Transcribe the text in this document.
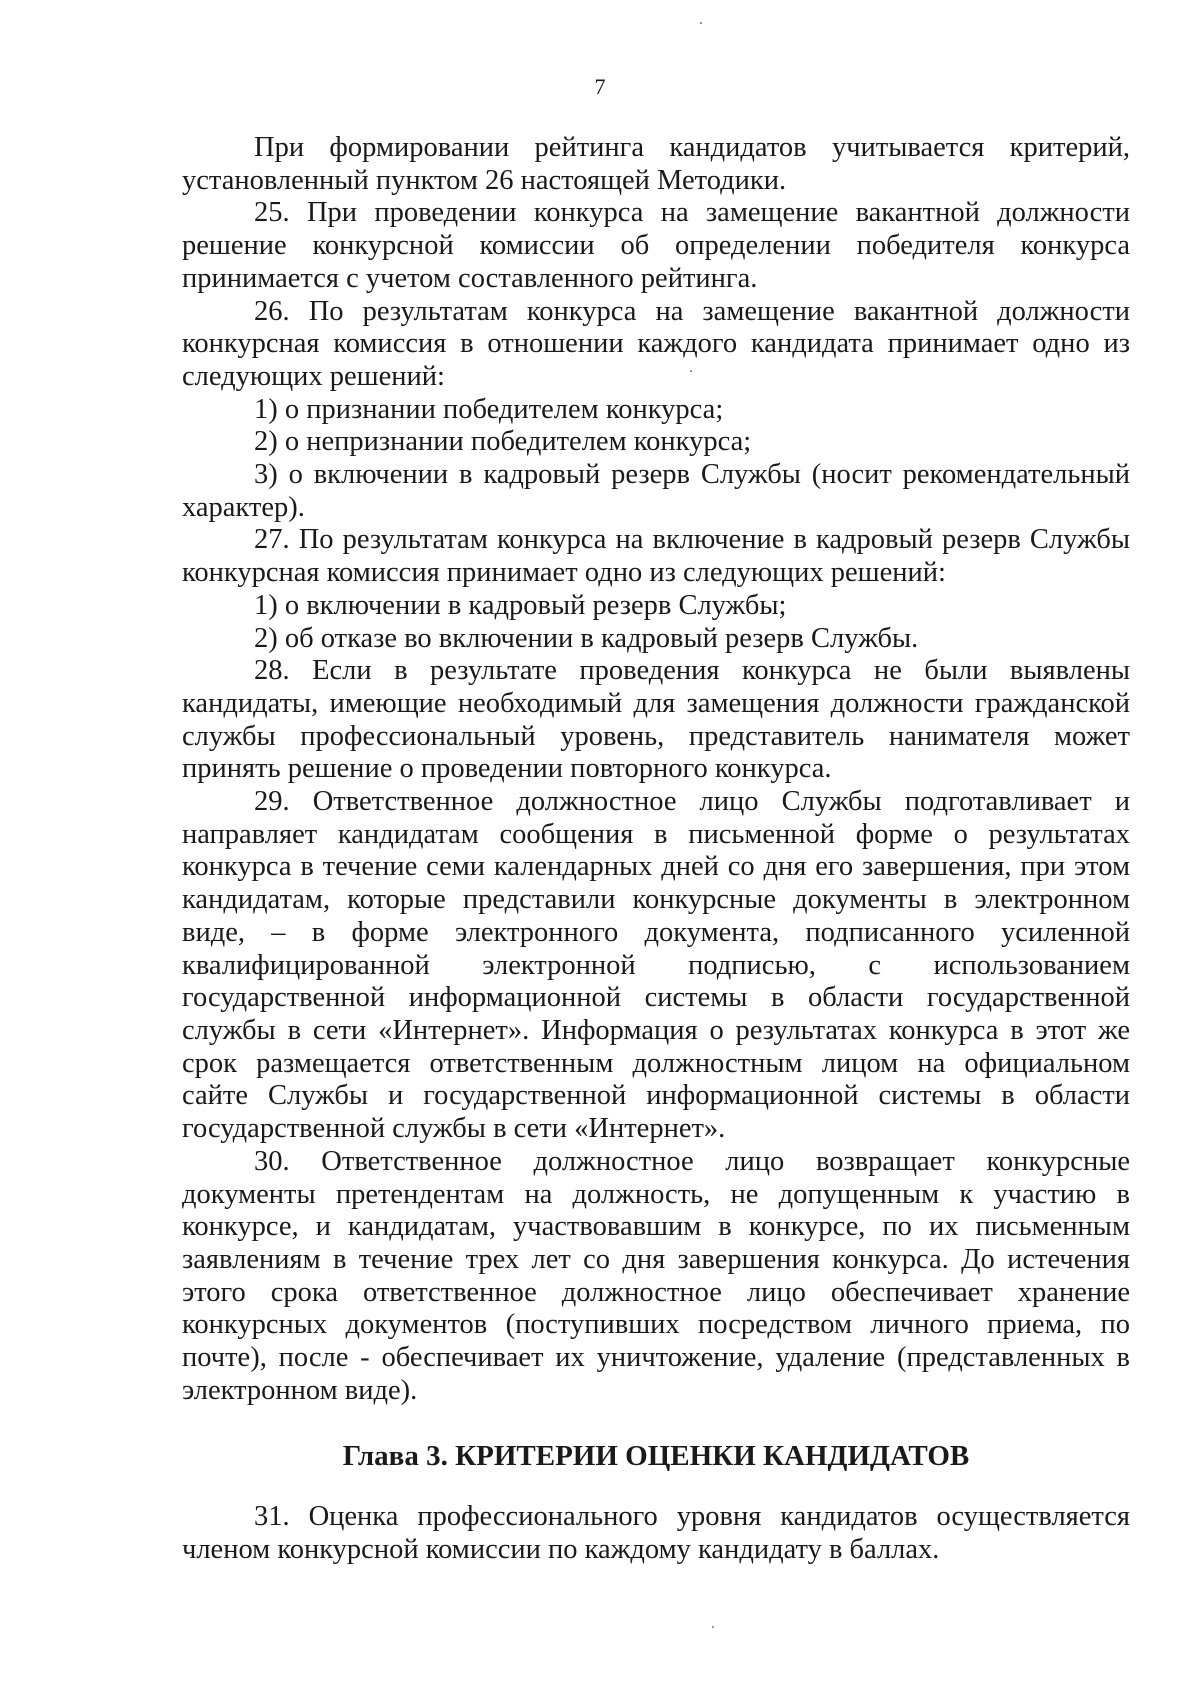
7

При формировании рейтинга кандидатов учитывается критерий, установленный пунктом 26 настоящей Методики.

25. При проведении конкурса на замещение вакантной должности решение конкурсной комиссии об определении победителя конкурса принимается с учетом составленного рейтинга.

26. По результатам конкурса на замещение вакантной должности конкурсная комиссия в отношении каждого кандидата принимает одно из следующих решений:

1) о признании победителем конкурса;

2) о непризнании победителем конкурса;

3) о включении в кадровый резерв Службы (носит рекомендательный характер).

27. По результатам конкурса на включение в кадровый резерв Службы конкурсная комиссия принимает одно из следующих решений:

1) о включении в кадровый резерв Службы;

2) об отказе во включении в кадровый резерв Службы.

28. Если в результате проведения конкурса не были выявлены кандидаты, имеющие необходимый для замещения должности гражданской службы профессиональный уровень, представитель нанимателя может принять решение о проведении повторного конкурса.

29. Ответственное должностное лицо Службы подготавливает и направляет кандидатам сообщения в письменной форме о результатах конкурса в течение семи календарных дней со дня его завершения, при этом кандидатам, которые представили конкурсные документы в электронном виде, – в форме электронного документа, подписанного усиленной квалифицированной электронной подписью, с использованием государственной информационной системы в области государственной службы в сети «Интернет». Информация о результатах конкурса в этот же срок размещается ответственным должностным лицом на официальном сайте Службы и государственной информационной системы в области государственной службы в сети «Интернет».

30. Ответственное должностное лицо возвращает конкурсные документы претендентам на должность, не допущенным к участию в конкурсе, и кандидатам, участвовавшим в конкурсе, по их письменным заявлениям в течение трех лет со дня завершения конкурса. До истечения этого срока ответственное должностное лицо обеспечивает хранение конкурсных документов (поступивших посредством личного приема, по почте), после - обеспечивает их уничтожение, удаление (представленных в электронном виде).

Глава 3. КРИТЕРИИ ОЦЕНКИ КАНДИДАТОВ

31. Оценка профессионального уровня кандидатов осуществляется членом конкурсной комиссии по каждому кандидату в баллах.
